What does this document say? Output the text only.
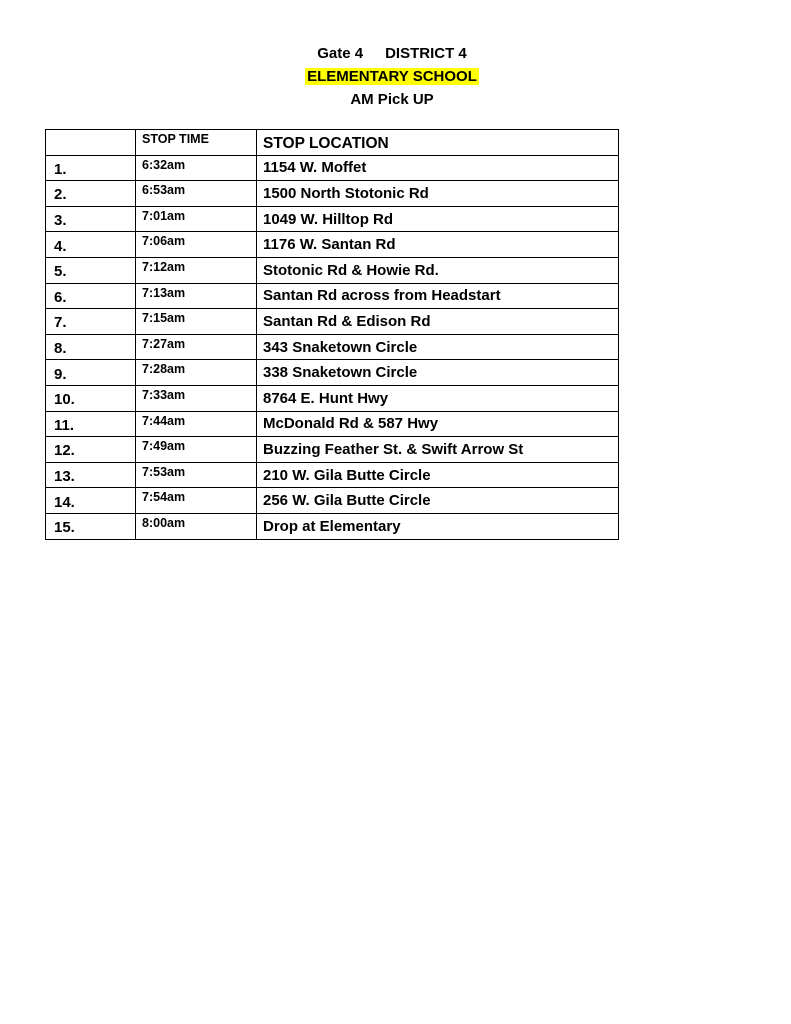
Gate 4 DISTRICT 4
ELEMENTARY SCHOOL
AM Pick UP
	STOP TIME	STOP LOCATION
1.	6:32am	1154 W. Moffet
2.	6:53am	1500 North Stotonic Rd
3.	7:01am	1049 W. Hilltop Rd
4.	7:06am	1176 W. Santan Rd
5.	7:12am	Stotonic Rd & Howie Rd.
6.	7:13am	Santan Rd across from Headstart
7.	7:15am	Santan Rd & Edison Rd
8.	7:27am	343 Snaketown Circle
9.	7:28am	338 Snaketown Circle
10.	7:33am	8764 E. Hunt Hwy
11.	7:44am	McDonald Rd & 587 Hwy
12.	7:49am	Buzzing Feather St. & Swift Arrow St
13.	7:53am	210 W. Gila Butte Circle
14.	7:54am	256 W. Gila Butte Circle
15.	8:00am	Drop at Elementary
